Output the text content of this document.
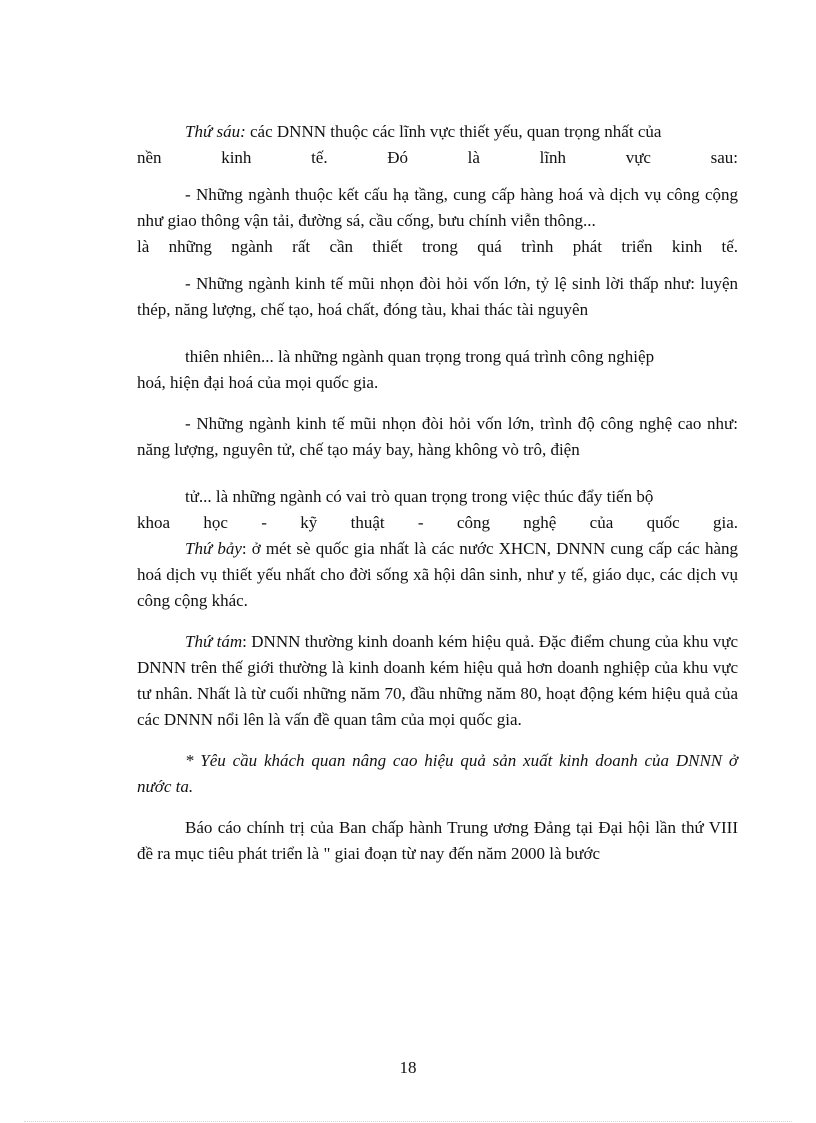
Thứ sáu: các DNNN thuộc các lĩnh vực thiết yếu, quan trọng nhất của
nền kinh tế. Đó là lĩnh vực sau:

- Những ngành thuộc kết cấu hạ tầng, cung cấp hàng hoá và dịch vụ công cộng như giao thông vận tải, đường sá, cầu cống, bưu chính viễn thông...
là những ngành rất cần thiết trong quá trình phát triển kinh tế.

- Những ngành kinh tế mũi nhọn đòi hỏi vốn lớn, tỷ lệ sinh lời thấp như: luyện thép, năng lượng, chế tạo, hoá chất, đóng tàu, khai thác tài nguyên

thiên nhiên... là những ngành quan trọng trong quá trình công nghiệp
hoá, hiện đại hoá của mọi quốc gia.

- Những ngành kinh tế mũi nhọn đòi hỏi vốn lớn, trình độ công nghệ cao như: năng lượng, nguyên tử, chế tạo máy bay, hàng không vò trô, điện

tử... là những ngành có vai trò quan trọng trong việc thúc đẩy tiến bộ
khoa học - kỹ thuật - công nghệ của quốc gia.

Thứ bảy: ở mét sè quốc gia nhất là các nước XHCN, DNNN cung cấp các hàng hoá dịch vụ thiết yếu nhất cho đời sống xã hội dân sinh, như y tế, giáo dục, các dịch vụ công cộng khác.

Thứ tám: DNNN thường kinh doanh kém hiệu quả. Đặc điểm chung của khu vực DNNN trên thế giới thường là kinh doanh kém hiệu quả hơn doanh nghiệp của khu vực tư nhân. Nhất là từ cuối những năm 70, đầu những năm 80, hoạt động kém hiệu quả của các DNNN nổi lên là vấn đề quan tâm của mọi quốc gia.

* Yêu cầu khách quan nâng cao hiệu quả sản xuất kinh doanh của DNNN ở nước ta.

Báo cáo chính trị của Ban chấp hành Trung ương Đảng tại Đại hội lần thứ VIII đề ra mục tiêu phát triển là " giai đoạn từ nay đến năm 2000 là bước

18
